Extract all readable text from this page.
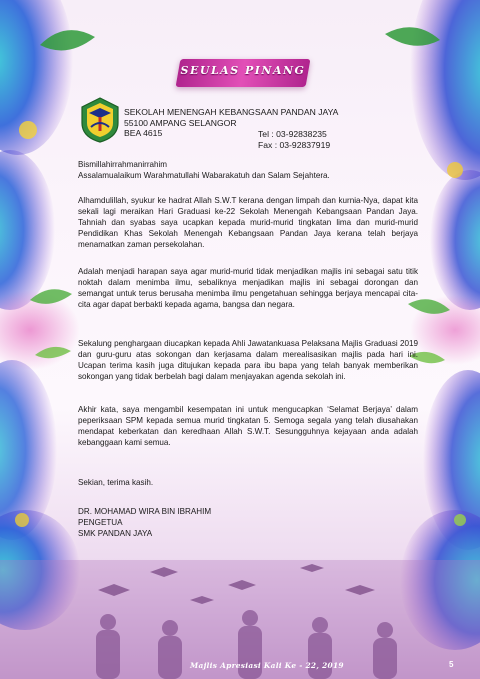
SEULAS PINANG
SEKOLAH MENENGAH KEBANGSAAN PANDAN JAYA
55100 AMPANG SELANGOR
BEA 4615	Tel : 03-92838235
Fax : 03-92837919

Bismillahirrahmanirrahim

Assalamualaikum Warahmatullahi Wabarakatuh dan Salam Sejahtera.

Alhamdulillah, syukur ke hadrat Allah S.W.T kerana dengan limpah dan kurnia-Nya, dapat kita sekali lagi meraikan Hari Graduasi ke-22 Sekolah Menengah Kebangsaan Pandan Jaya. Tahniah dan syabas saya ucapkan kepada murid-murid tingkatan lima dan murid-murid Pendidikan Khas Sekolah Menengah Kebangsaan Pandan Jaya kerana telah berjaya menamatkan zaman persekolahan.

Adalah menjadi harapan saya agar murid-murid tidak menjadikan majlis ini sebagai satu titik noktah dalam menimba ilmu, sebaliknya menjadikan majlis ini sebagai dorongan dan semangat untuk terus berusaha menimba ilmu pengetahuan sehingga berjaya mencapai cita-cita agar dapat berbakti kepada agama, bangsa dan negara.

Sekalung penghargaan diucapkan kepada Ahli Jawatankuasa Pelaksana Majlis Graduasi 2019 dan guru-guru atas sokongan dan kerjasama dalam merealisasikan majlis pada hari ini. Ucapan terima kasih juga ditujukan kepada para ibu bapa yang telah banyak memberikan sokongan yang tidak berbelah bagi dalam menjayakan agenda sekolah ini.

Akhir kata, saya mengambil kesempatan ini untuk mengucapkan ‘Selamat Berjaya’ dalam peperiksaan SPM kepada semua murid tingkatan 5. Semoga segala yang telah diusahakan mendapat keberkatan dan keredhaan Allah S.W.T. Sesungguhnya kejayaan anda adalah kebanggaan kami semua.

Sekian, terima kasih.
DR. MOHAMAD WIRA BIN IBRAHIM
PENGETUA
SMK PANDAN JAYA
Majlis Apresiasi Kali Ke - 22, 2019	5
